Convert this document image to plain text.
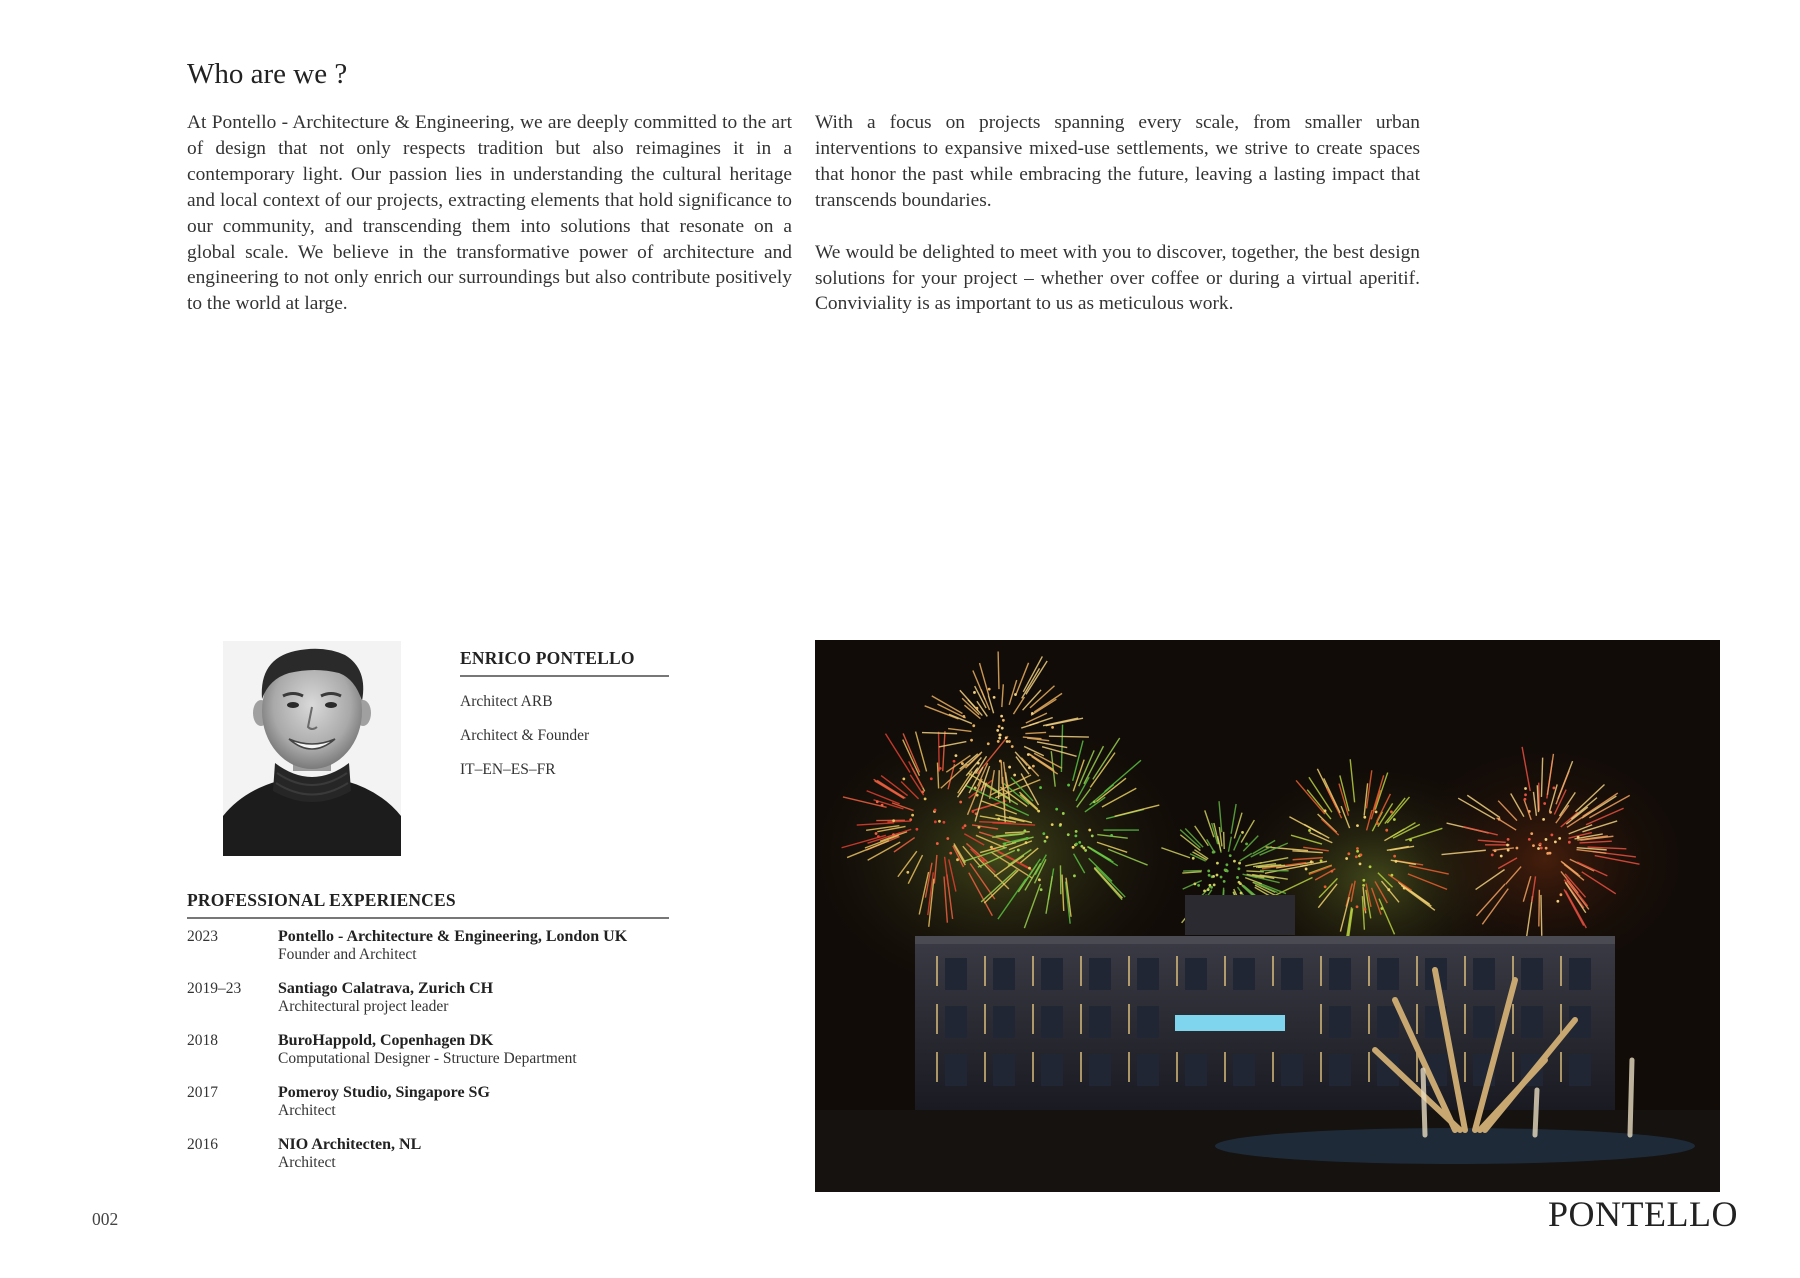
Who are we ?

At Pontello - Architecture & Engineering, we are deeply committed to the art of design that not only respects tradition but also reimagines it in a contemporary light. Our passion lies in understanding the cultural heritage and local context of our projects, extracting elements that hold significance to our community, and transcending them into solutions that resonate on a global scale. We believe in the transformative power of architecture and engineering to not only enrich our surroundings but also contribute positively to the world at large.

With a focus on projects spanning every scale, from smaller urban interventions to expansive mixed-use settlements, we strive to create spaces that honor the past while embracing the future, leaving a lasting impact that transcends boundaries.

We would be delighted to meet with you to discover, together, the best design solutions for your project – whether over coffee or during a virtual aperitif. Conviviality is as important to us as meticulous work.

ENRICO PONTELLO
Architect ARB
Architect & Founder
IT–EN–ES–FR
PROFESSIONAL EXPERIENCES
2023	Pontello - Architecture & Engineering, London UK
Founder and Architect
2019–23	Santiago Calatrava, Zurich CH
Architectural project leader
2018	BuroHappold, Copenhagen DK
Computational Designer - Structure Department
2017	Pomeroy Studio, Singapore SG
Architect
2016	NIO Architecten, NL
Architect
002	PONTELLO
